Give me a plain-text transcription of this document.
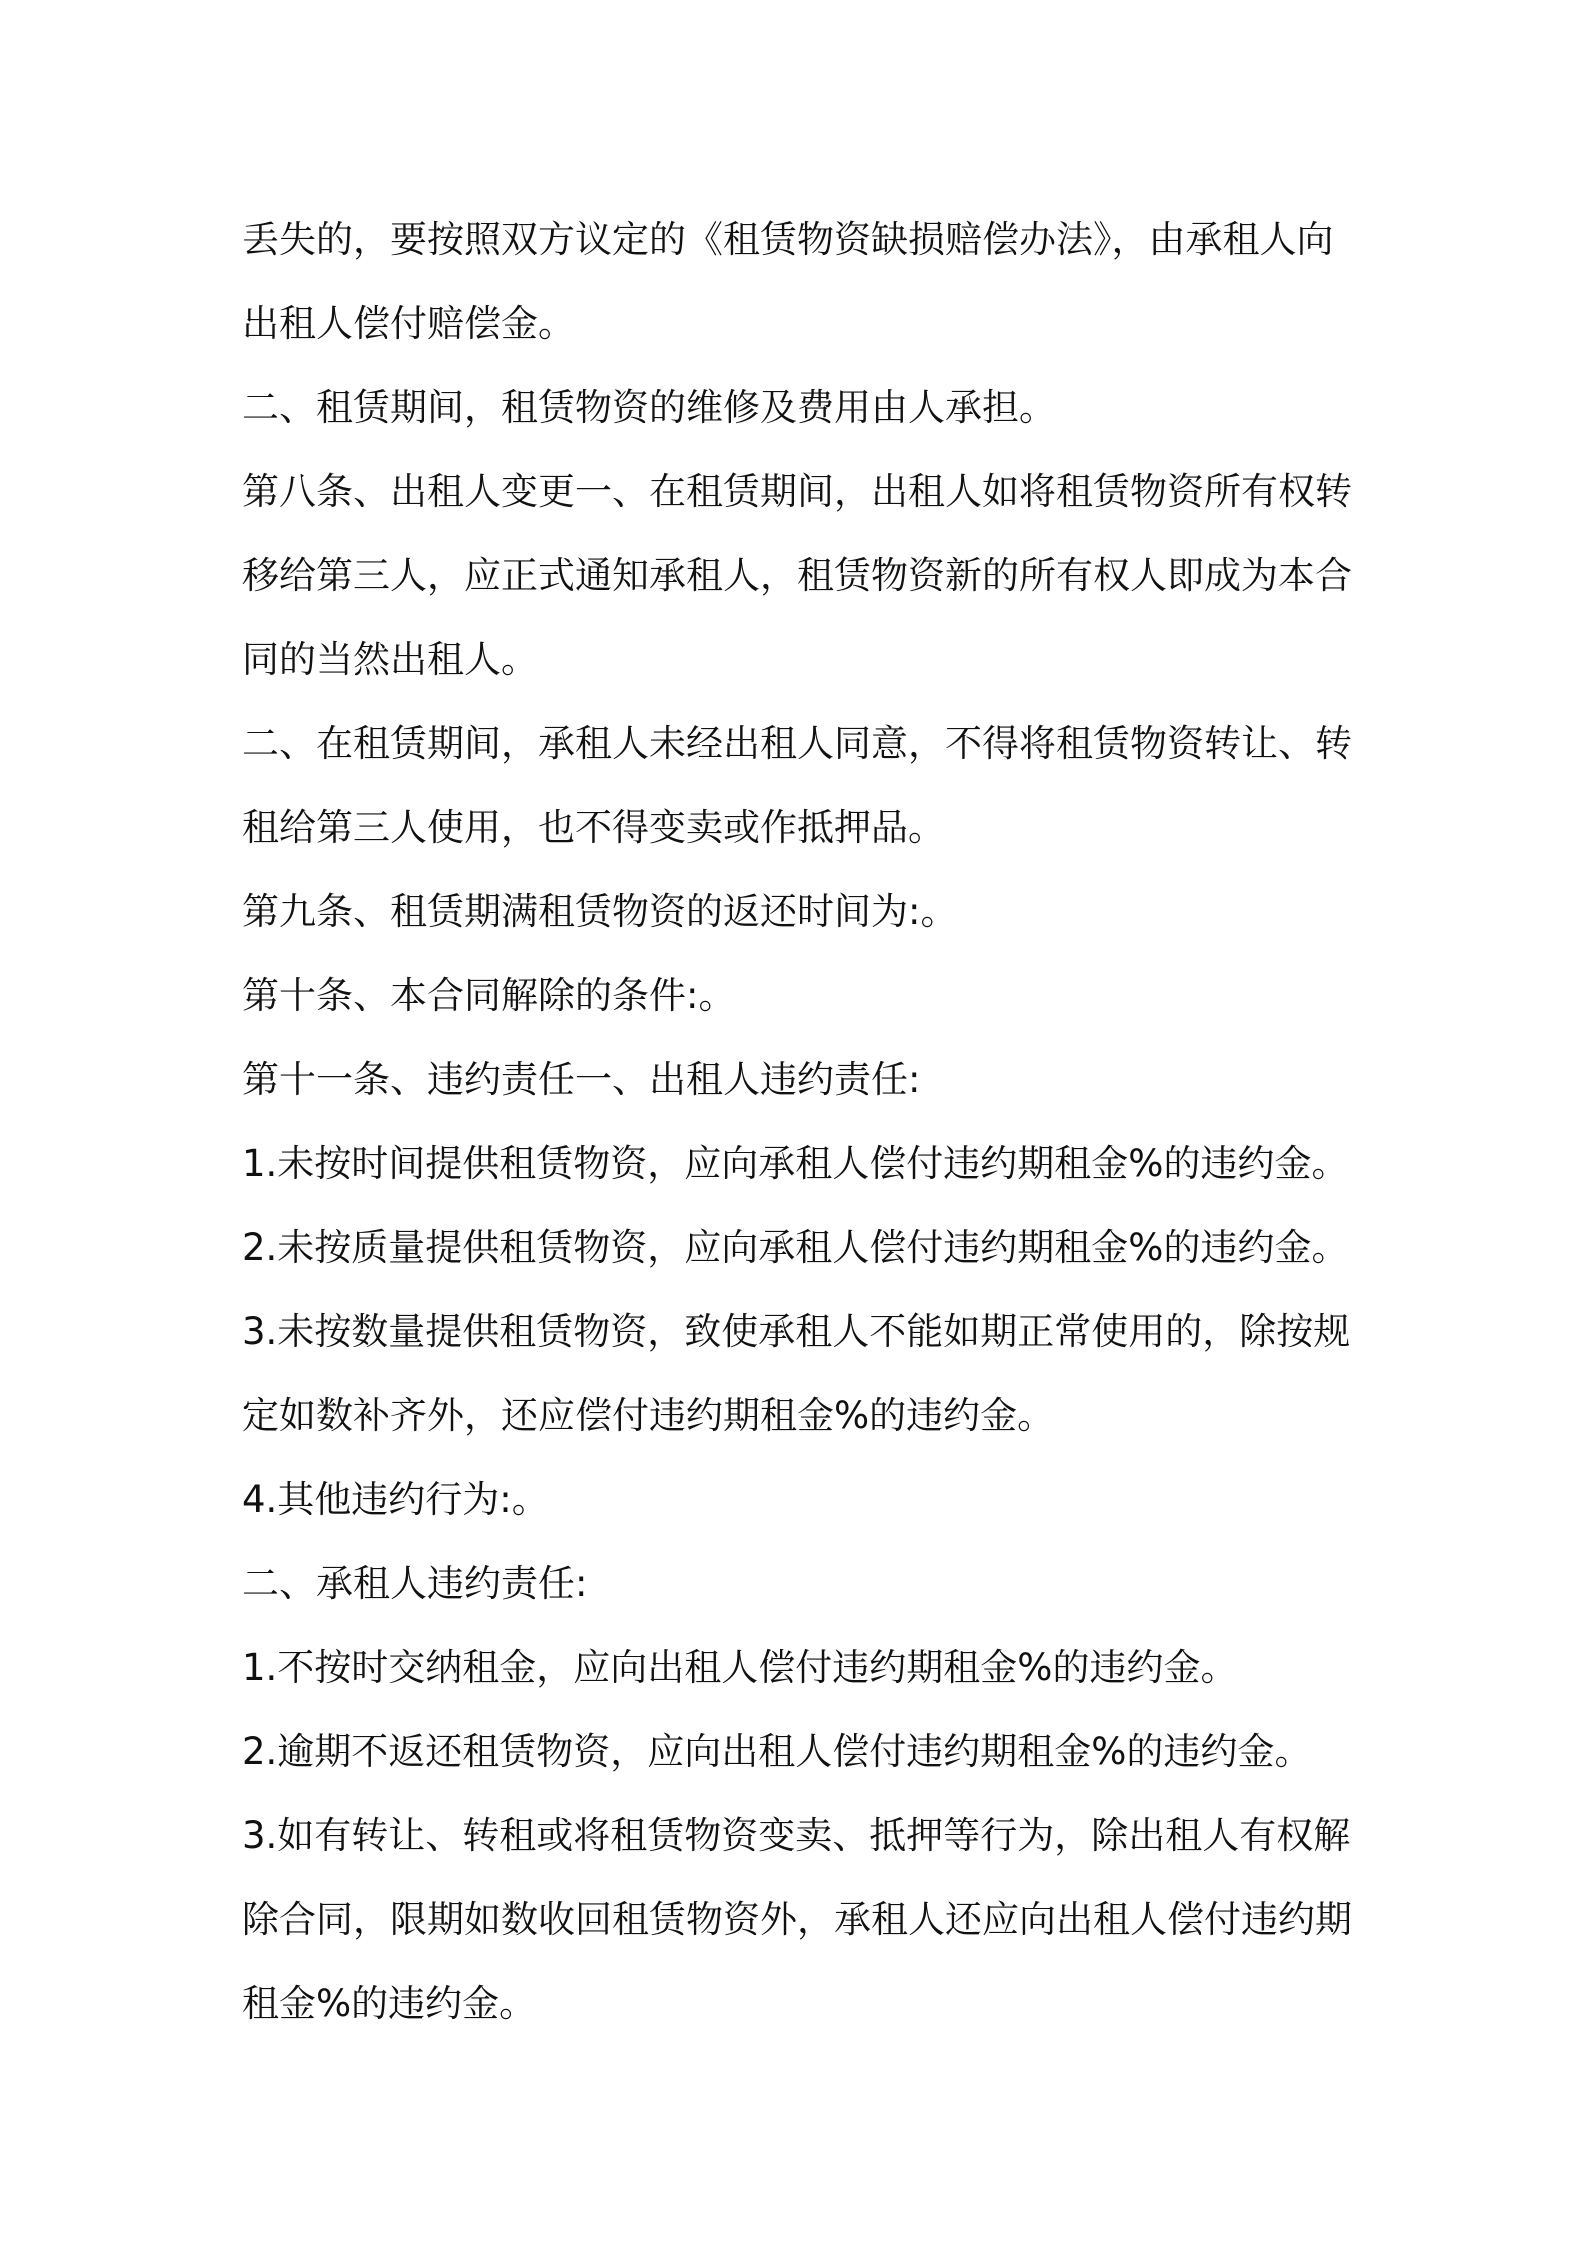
丢失的，要按照双方议定的《租赁物资缺损赔偿办法》，由承租人向

出租人偿付赔偿金。

二、租赁期间，租赁物资的维修及费用由人承担。

第八条、出租人变更一、在租赁期间，出租人如将租赁物资所有权转

移给第三人，应正式通知承租人，租赁物资新的所有权人即成为本合

同的当然出租人。

二、在租赁期间，承租人未经出租人同意，不得将租赁物资转让、转

租给第三人使用，也不得变卖或作抵押品。

第九条、租赁期满租赁物资的返还时间为:。

第十条、本合同解除的条件:。

第十一条、违约责任一、出租人违约责任:

1.未按时间提供租赁物资，应向承租人偿付违约期租金%的违约金。

2.未按质量提供租赁物资，应向承租人偿付违约期租金%的违约金。

3.未按数量提供租赁物资，致使承租人不能如期正常使用的，除按规

定如数补齐外，还应偿付违约期租金%的违约金。

4.其他违约行为:。

二、承租人违约责任:

1.不按时交纳租金，应向出租人偿付违约期租金%的违约金。

2.逾期不返还租赁物资，应向出租人偿付违约期租金%的违约金。

3.如有转让、转租或将租赁物资变卖、抵押等行为，除出租人有权解

除合同，限期如数收回租赁物资外，承租人还应向出租人偿付违约期

租金%的违约金。
